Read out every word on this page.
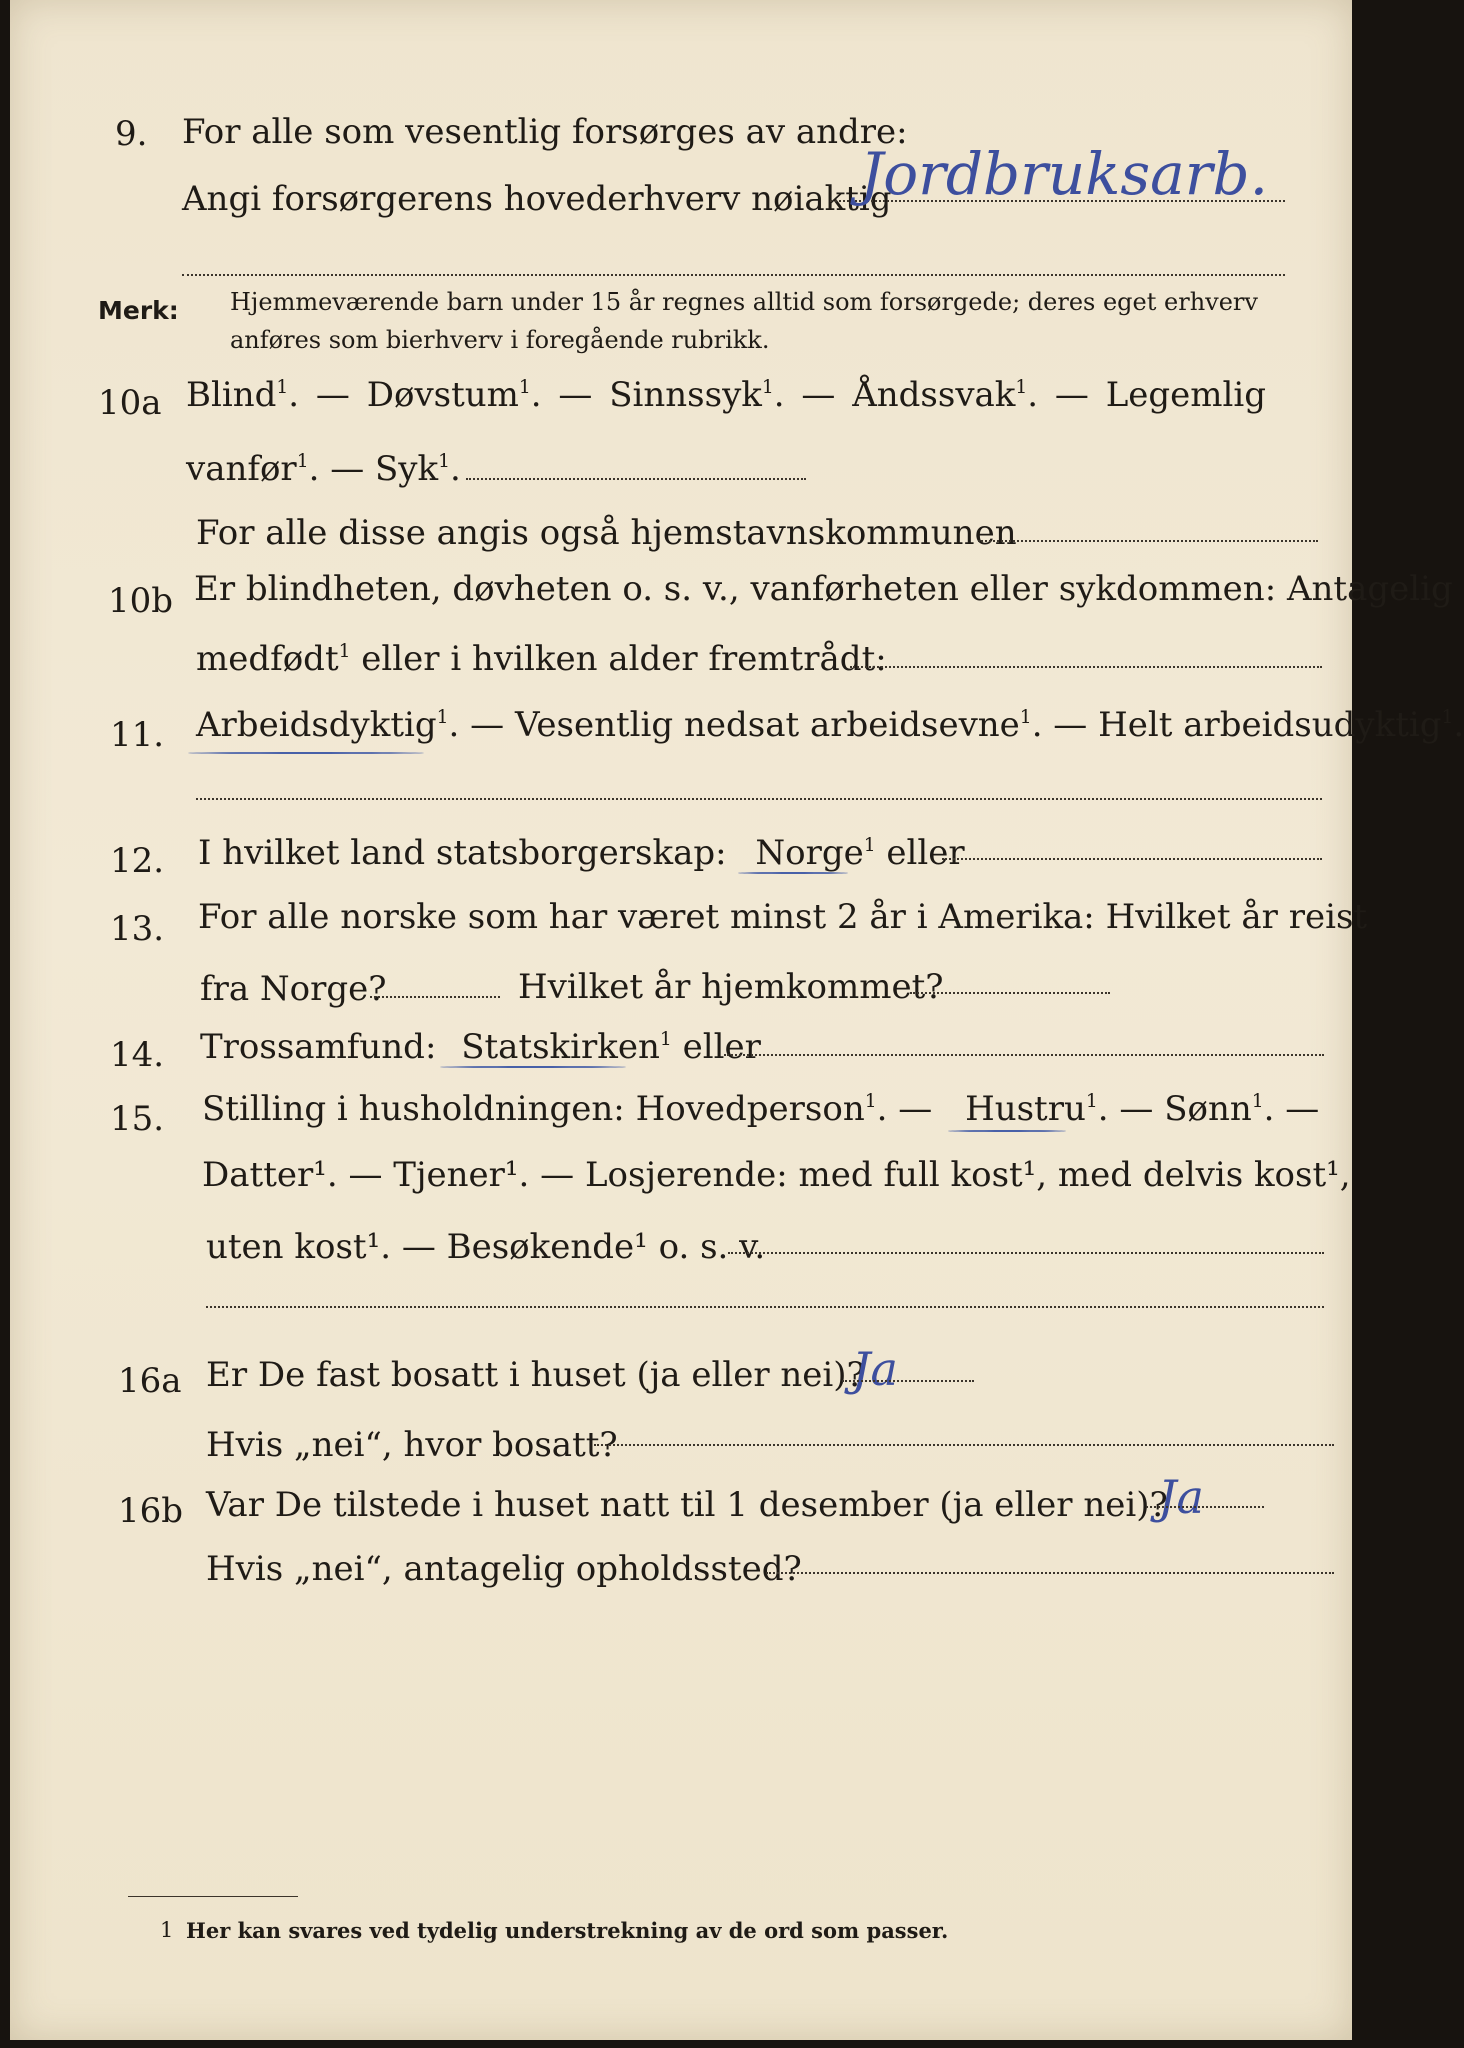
9. For alle som vesentlig forsørges av andre:
Angi forsørgerens hovederhverv nøiaktig
Jordbruksarb.
Merk: Hjemmeværende barn under 15 år regnes alltid som forsørgede; deres eget erhverv
anføres som bierhverv i foregående rubrikk.
10a Blind$^1$. — Døvstum$^1$. — Sinnssyk$^1$. — Åndssvak$^1$. — Legemlig
vanfør$^1$. — Syk$^1$.
For alle disse angis også hjemstavnskommunen
10b Er blindheten, døvheten o. s. v., vanførheten eller sykdommen: Antagelig
medfødt$^1$ eller i hvilken alder fremtrådt:
11. Arbeidsdyktig$^1$. — Vesentlig nedsat arbeidsevne$^1$. — Helt arbeidsudyktig$^1$.
12. I hvilket land statsborgerskap: Norge$^1$ eller
13. For alle norske som har været minst 2 år i Amerika: Hvilket år reist
fra Norge?	Hvilket år hjemkommet?
14. Trossamfund: Statskirken$^1$ eller
15. Stilling i husholdningen: Hovedperson$^1$. — Hustru$^1$. — Sønn$^1$. —
Datter¹. — Tjener¹. — Losjerende: med full kost¹, med delvis kost¹,
uten kost¹. — Besøkende¹ o. s. v.
16a Er De fast bosatt i huset (ja eller nei)?
Ja
Hvis „nei“, hvor bosatt?
16b Var De tilstede i huset natt til 1 desember (ja eller nei)?
Ja
Hvis „nei“, antagelig opholdssted?
1 Her kan svares ved tydelig understrekning av de ord som passer.
